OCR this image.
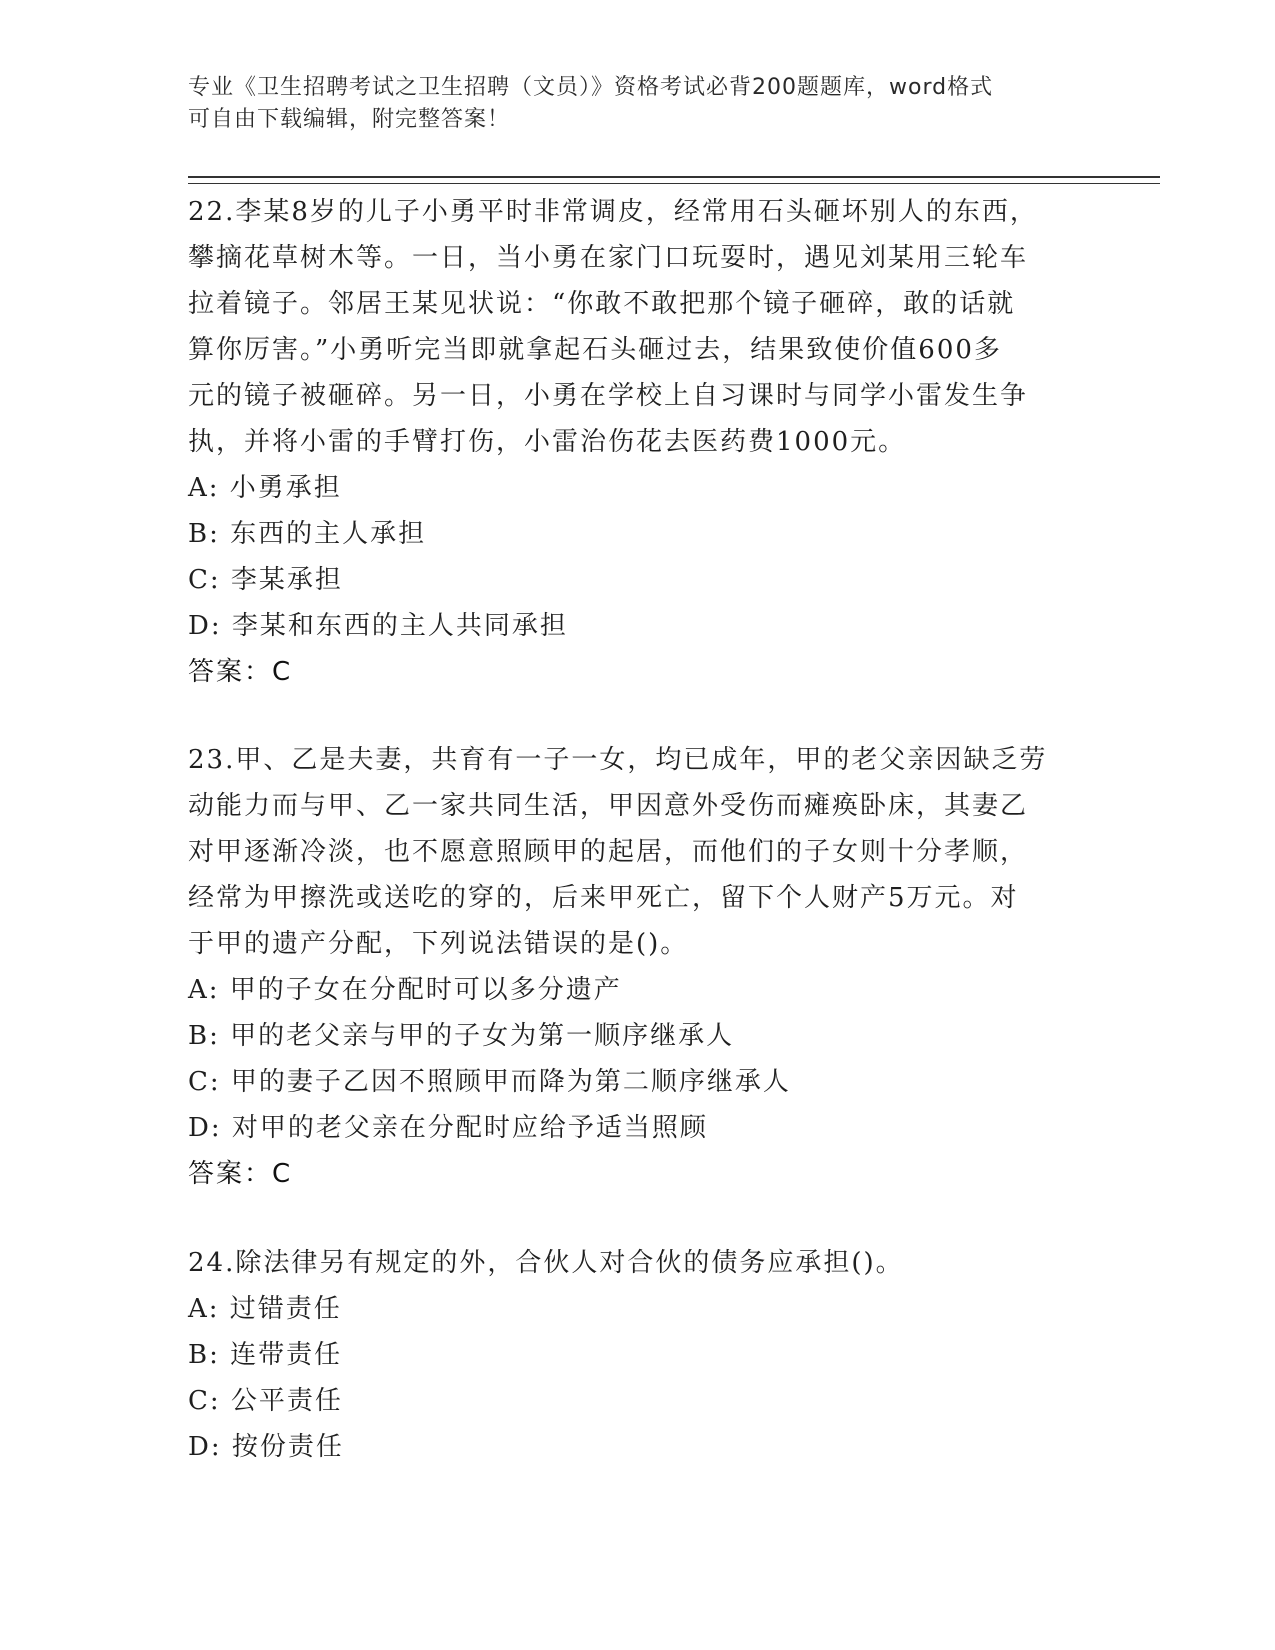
专业《卫生招聘考试之卫生招聘（文员）》资格考试必背200题题库，word格式
可自由下载编辑，附完整答案！
22.李某8岁的儿子小勇平时非常调皮，经常用石头砸坏别人的东西，
攀摘花草树木等。一日，当小勇在家门口玩耍时，遇见刘某用三轮车
拉着镜子。邻居王某见状说：“你敢不敢把那个镜子砸碎，敢的话就
算你厉害。”小勇听完当即就拿起石头砸过去，结果致使价值600多
元的镜子被砸碎。另一日，小勇在学校上自习课时与同学小雷发生争
执，并将小雷的手臂打伤，小雷治伤花去医药费1000元。
A: 小勇承担
B: 东西的主人承担
C: 李某承担
D: 李某和东西的主人共同承担
答案：C
23.甲、乙是夫妻，共育有一子一女，均已成年，甲的老父亲因缺乏劳
动能力而与甲、乙一家共同生活，甲因意外受伤而瘫痪卧床，其妻乙
对甲逐渐冷淡，也不愿意照顾甲的起居，而他们的子女则十分孝顺，
经常为甲擦洗或送吃的穿的，后来甲死亡，留下个人财产5万元。对
于甲的遗产分配，下列说法错误的是()。
A: 甲的子女在分配时可以多分遗产
B: 甲的老父亲与甲的子女为第一顺序继承人
C: 甲的妻子乙因不照顾甲而降为第二顺序继承人
D: 对甲的老父亲在分配时应给予适当照顾
答案：C
24.除法律另有规定的外，合伙人对合伙的债务应承担()。
A: 过错责任
B: 连带责任
C: 公平责任
D: 按份责任
